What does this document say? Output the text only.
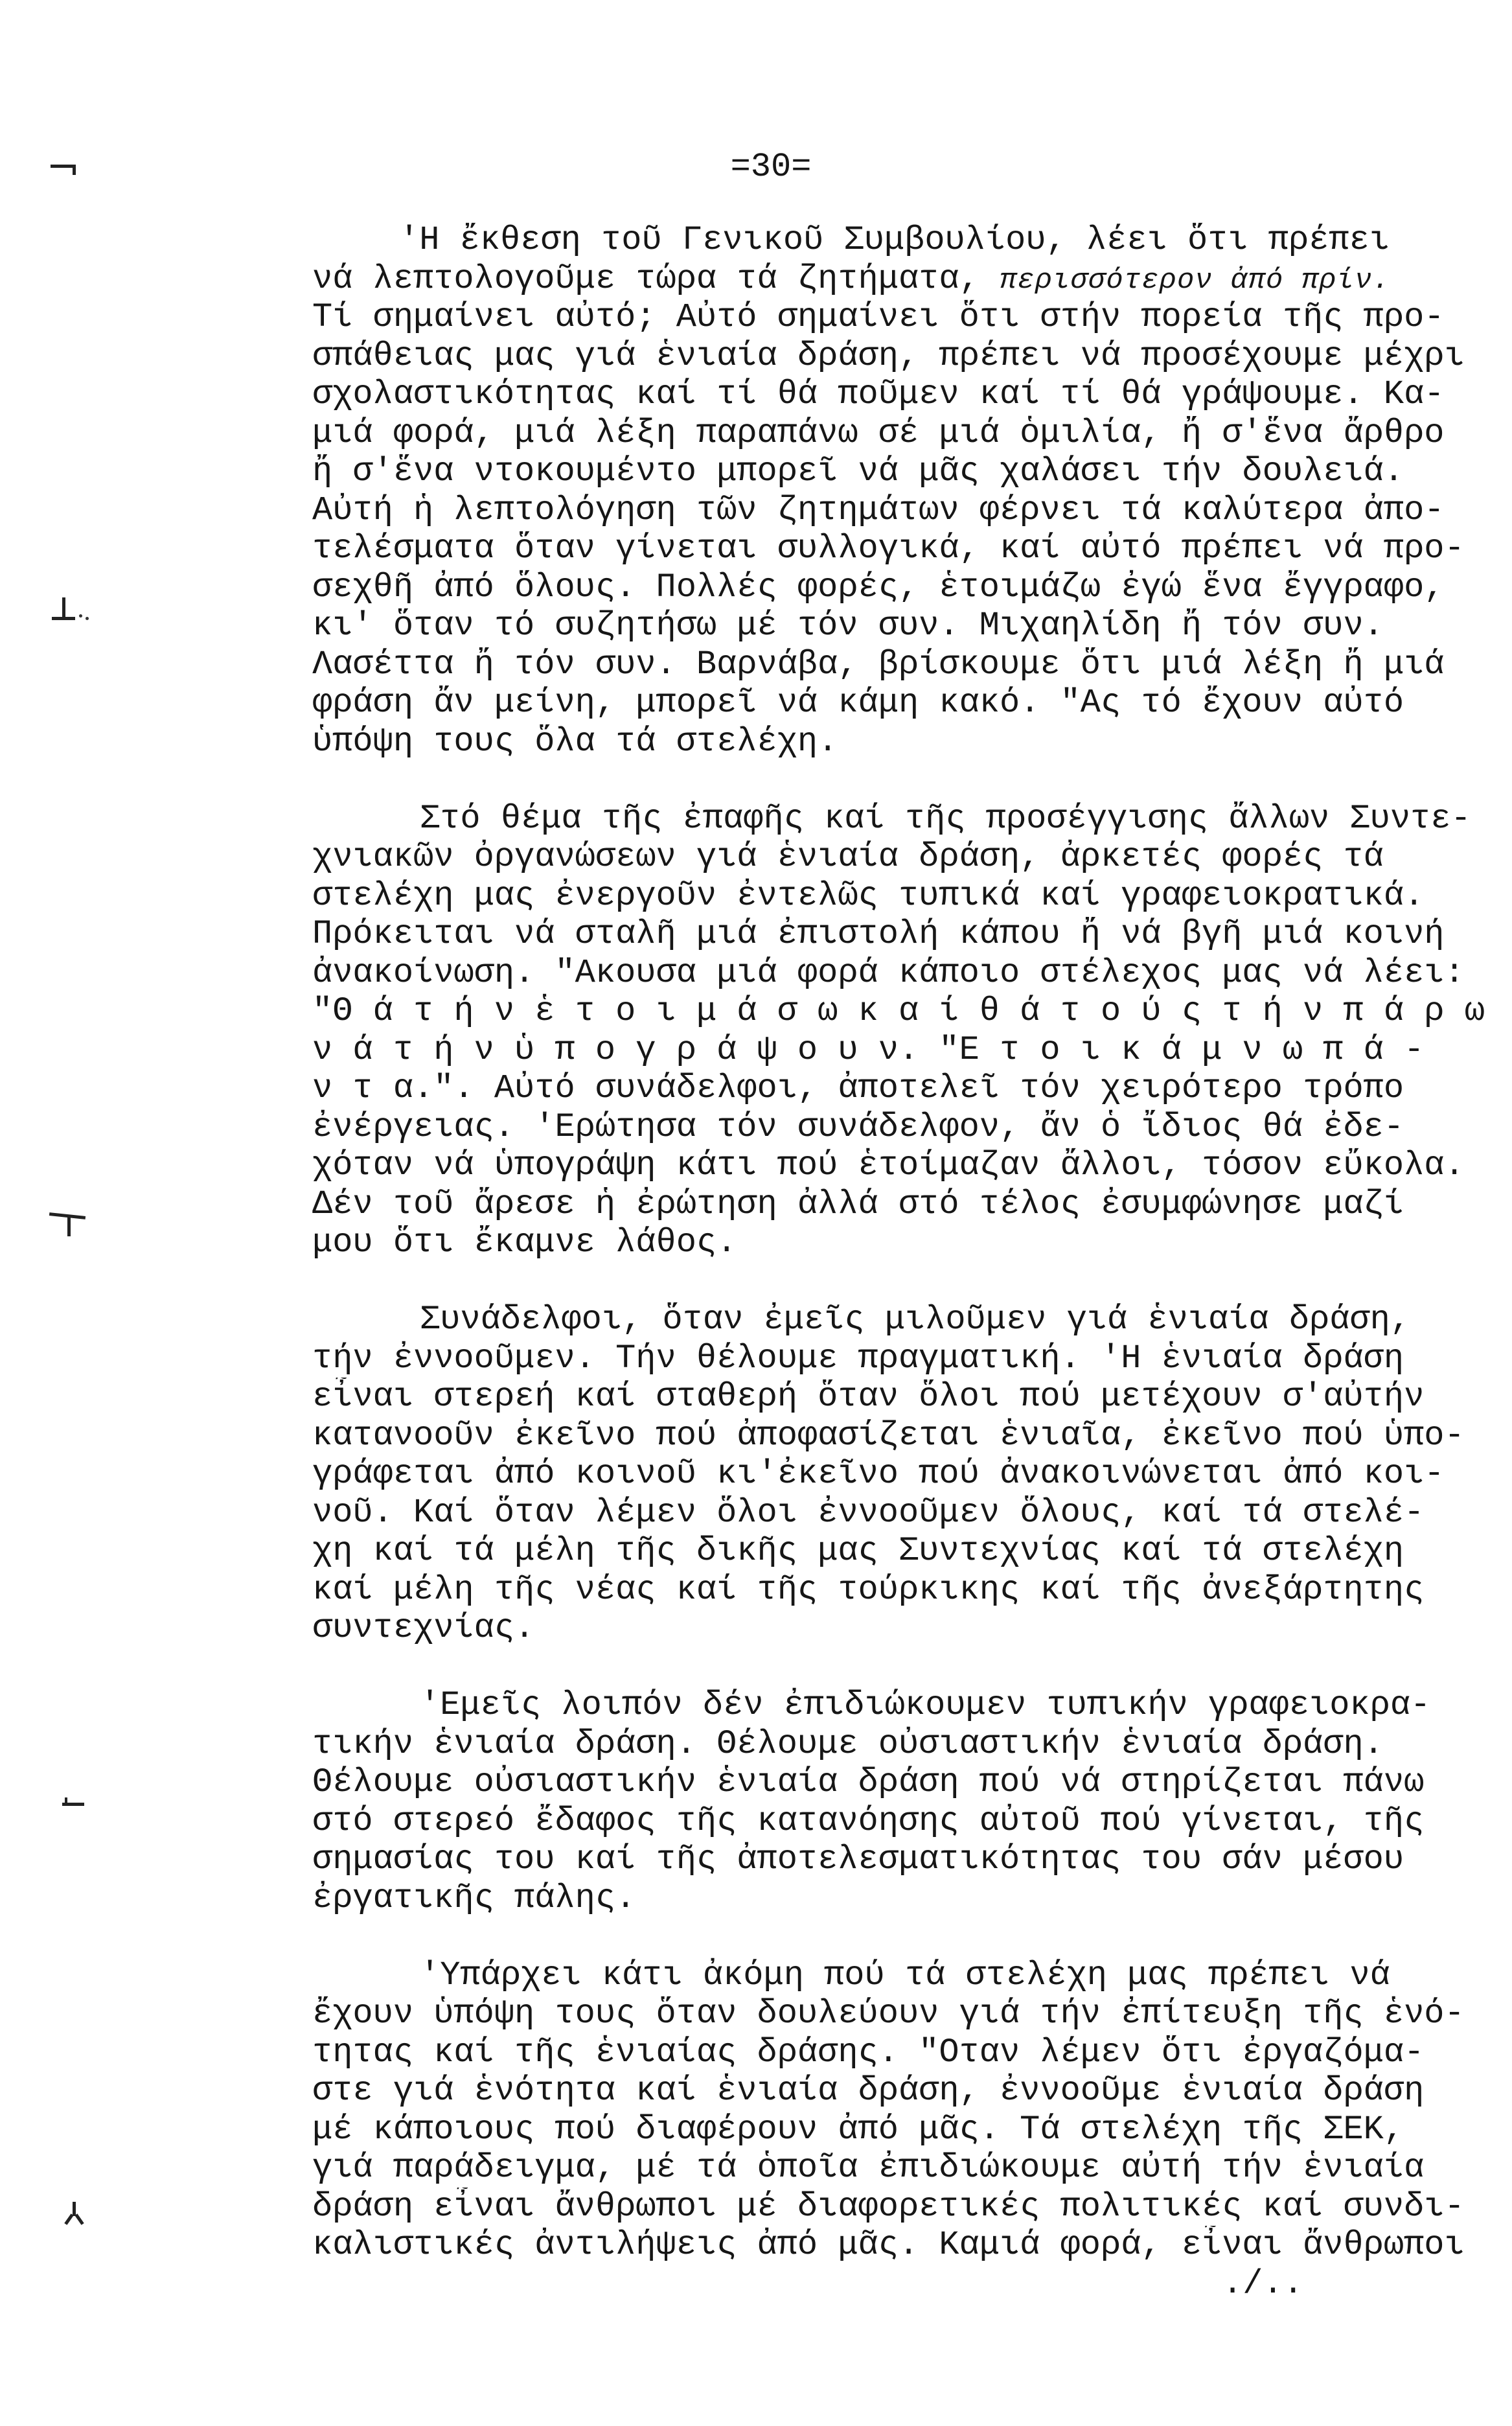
=30=
'Η ἔκθεση τοῦ Γενικοῦ Συμβουλίου, λέει ὅτι πρέπει
νά λεπτολογοῦμε τώρα τά ζητήματα, περισσότερον ἀπό πρίν.
Τί σημαίνει αὐτό; Αὐτό σημαίνει ὅτι στήν πορεία τῆς προ-
σπάθειας μας γιά ἑνιαία δράση, πρέπει νά προσέχουμε μέχρι
σχολαστικότητας καί τί θά ποῦμεν καί τί θά γράψουμε. Κα-
μιά φορά, μιά λέξη παραπάνω σέ μιά ὁμιλία, ἤ σ'ἕνα ἄρθρο
ἤ σ'ἕνα ντοκουμέντο μπορεῖ νά μᾶς χαλάσει τήν δουλειά.
Αὐτή ἡ λεπτολόγηση τῶν ζητημάτων φέρνει τά καλύτερα ἀπο-
τελέσματα ὅταν γίνεται συλλογικά, καί αὐτό πρέπει νά προ-
σεχθῆ ἀπό ὅλους. Πολλές φορές, ἑτοιμάζω ἐγώ ἕνα ἔγγραφο,
κι' ὅταν τό συζητήσω μέ τόν συν. Μιχαηλίδη ἤ τόν συν.
Λασέττα ἤ τόν συν. Βαρνάβα, βρίσκουμε ὅτι μιά λέξη ἤ μιά
φράση ἄν μείνη, μπορεῖ νά κάμη κακό. "Ας τό ἔχουν αὐτό
ὑπόψη τους ὅλα τά στελέχη.
Στό θέμα τῆς ἐπαφῆς καί τῆς προσέγγισης ἄλλων Συντε-
χνιακῶν ὀργανώσεων γιά ἑνιαία δράση, ἀρκετές φορές τά
στελέχη μας ἐνεργοῦν ἐντελῶς τυπικά καί γραφειοκρατικά.
Πρόκειται νά σταλῆ μιά ἐπιστολή κάπου ἤ νά βγῆ μιά κοινή
ἀνακοίνωση. "Ακουσα μιά φορά κάποιο στέλεχος μας νά λέει:
"Θ ά τ ή ν ἑ τ ο ι μ ά σ ω κ α ί θ ά τ ο ύ ς τ ή ν π ά ρ ω
ν ά τ ή ν ὑ π ο γ ρ ά ψ ο υ ν. "Ε τ ο ι κ ά μ ν ω π ά -
ν τ α.". Αὐτό συνάδελφοι, ἀποτελεῖ τόν χειρότερο τρόπο
ἐνέργειας. 'Ερώτησα τόν συνάδελφον, ἄν ὁ ἴδιος θά ἐδε-
χόταν νά ὑπογράψη κάτι πού ἑτοίμαζαν ἄλλοι, τόσον εὔκολα.
Δέν τοῦ ἄρεσε ἡ ἐρώτηση ἀλλά στό τέλος ἐσυμφώνησε μαζί
μου ὅτι ἔκαμνε λάθος.
Συνάδελφοι, ὅταν ἐμεῖς μιλοῦμεν γιά ἑνιαία δράση,
τήν ἐννοοῦμεν. Τήν θέλουμε πραγματική. 'Η ἑνιαία δράση
εἶναι στερεή καί σταθερή ὅταν ὅλοι πού μετέχουν σ'αὐτήν
κατανοοῦν ἐκεῖνο πού ἀποφασίζεται ἑνιαῖα, ἐκεῖνο πού ὑπο-
γράφεται ἀπό κοινοῦ κι'ἐκεῖνο πού ἀνακοινώνεται ἀπό κοι-
νοῦ. Καί ὅταν λέμεν ὅλοι ἐννοοῦμεν ὅλους, καί τά στελέ-
χη καί τά μέλη τῆς δικῆς μας Συντεχνίας καί τά στελέχη
καί μέλη τῆς νέας καί τῆς τούρκικης καί τῆς ἀνεξάρτητης
συντεχνίας.
'Εμεῖς λοιπόν δέν ἐπιδιώκουμεν τυπικήν γραφειοκρα-
τικήν ἑνιαία δράση. Θέλουμε οὐσιαστικήν ἑνιαία δράση.
Θέλουμε οὐσιαστικήν ἑνιαία δράση πού νά στηρίζεται πάνω
στό στερεό ἔδαφος τῆς κατανόησης αὐτοῦ πού γίνεται, τῆς
σημασίας του καί τῆς ἀποτελεσματικότητας του σάν μέσου
ἐργατικῆς πάλης.
'Υπάρχει κάτι ἀκόμη πού τά στελέχη μας πρέπει νά
ἔχουν ὑπόψη τους ὅταν δουλεύουν γιά τήν ἐπίτευξη τῆς ἑνό-
τητας καί τῆς ἑνιαίας δράσης. "Οταν λέμεν ὅτι ἐργαζόμα-
στε γιά ἑνότητα καί ἑνιαία δράση, ἐννοοῦμε ἑνιαία δράση
μέ κάποιους πού διαφέρουν ἀπό μᾶς. Τά στελέχη τῆς ΣΕΚ,
γιά παράδειγμα, μέ τά ὁποῖα ἐπιδιώκουμε αὐτή τήν ἑνιαία
δράση εἶναι ἄνθρωποι μέ διαφορετικές πολιτικές καί συνδι-
καλιστικές ἀντιλήψεις ἀπό μᾶς. Καμιά φορά, εἶναι ἄνθρωποι
./..
